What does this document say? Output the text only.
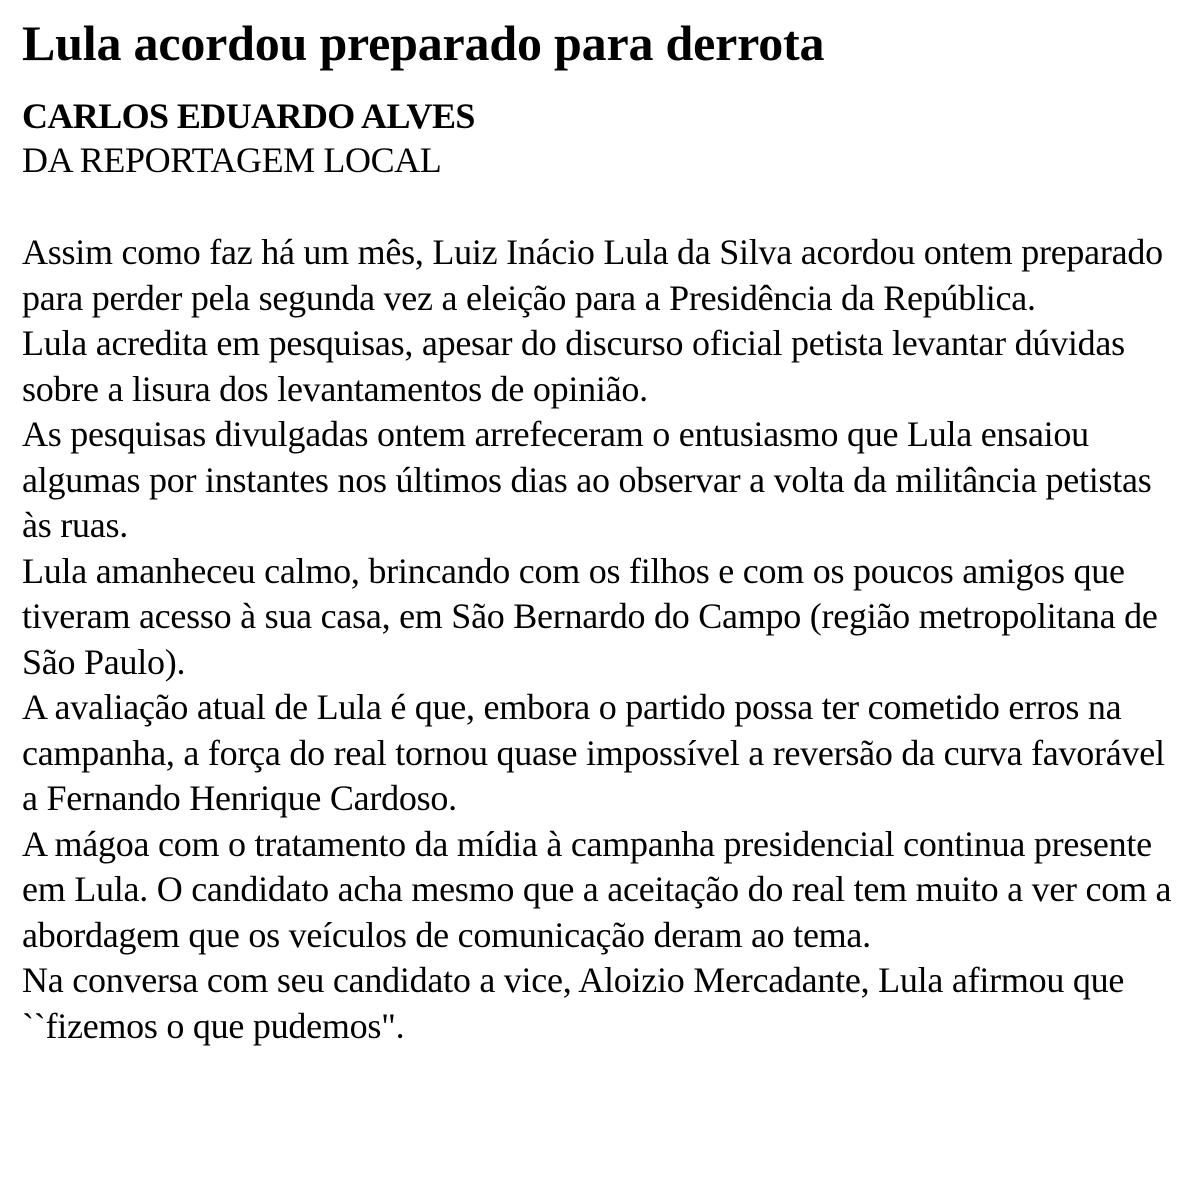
Lula acordou preparado para derrota
CARLOS EDUARDO ALVES
DA REPORTAGEM LOCAL

Assim como faz há um mês, Luiz Inácio Lula da Silva acordou ontem preparado para perder pela segunda vez a eleição para a Presidência da República.

Lula acredita em pesquisas, apesar do discurso oficial petista levantar dúvidas sobre a lisura dos levantamentos de opinião.

As pesquisas divulgadas ontem arrefeceram o entusiasmo que Lula ensaiou algumas por instantes nos últimos dias ao observar a volta da militância petistas às ruas.

Lula amanheceu calmo, brincando com os filhos e com os poucos amigos que tiveram acesso à sua casa, em São Bernardo do Campo (região metropolitana de São Paulo).

A avaliação atual de Lula é que, embora o partido possa ter cometido erros na campanha, a força do real tornou quase impossível a reversão da curva favorável a Fernando Henrique Cardoso.

A mágoa com o tratamento da mídia à campanha presidencial continua presente em Lula. O candidato acha mesmo que a aceitação do real tem muito a ver com a abordagem que os veículos de comunicação deram ao tema.

Na conversa com seu candidato a vice, Aloizio Mercadante, Lula afirmou que ``fizemos o que pudemos".
